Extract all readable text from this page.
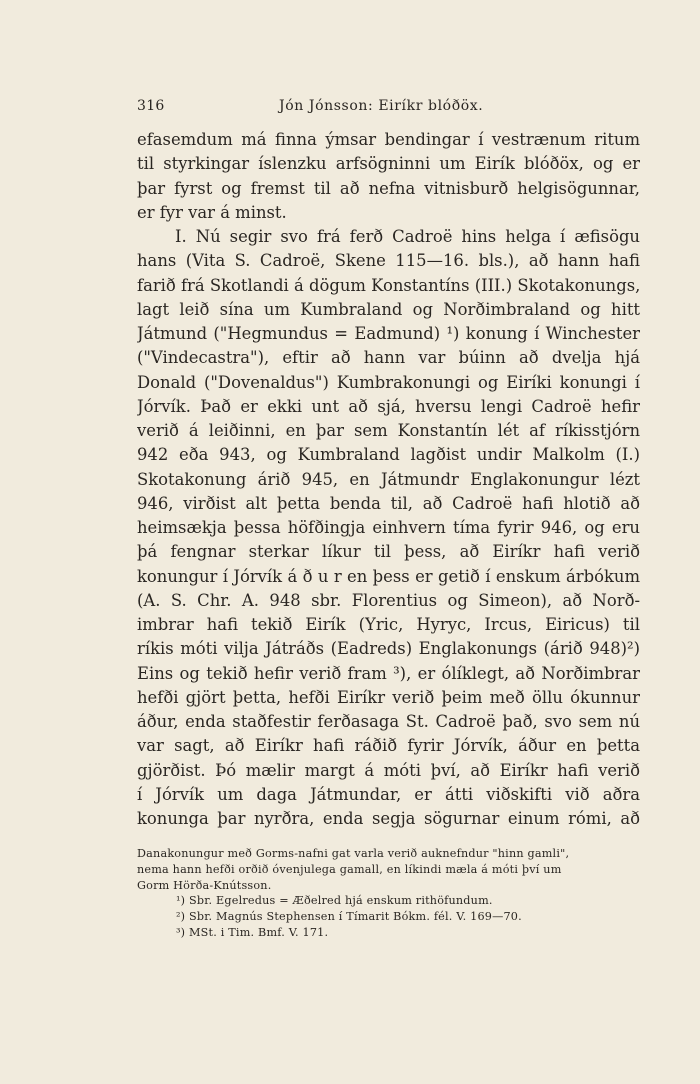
316	Jón Jónsson: Eiríkr blóðöx.
efasemdum má finna ýmsar bendingar í vestrænum ritum
til styrkingar íslenzku arfsögninni um Eirík blóðöx, og er
þar fyrst og fremst til að nefna vitnisburð helgisögunnar,
er fyr var á minst.
I. Nú segir svo frá ferð Cadroë hins helga í æfisögu
hans (Vita S. Cadroë, Skene 115—16. bls.), að hann hafi
farið frá Skotlandi á dögum Konstantíns (III.) Skotakonungs,
lagt leið sína um Kumbraland og Norðimbraland og hitt
Játmund ("Hegmundus = Eadmund) ¹) konung í Winchester
("Vindecastra"), eftir að hann var búinn að dvelja hjá
Donald ("Dovenaldus") Kumbrakonungi og Eiríki konungi í
Jórvík. Það er ekki unt að sjá, hversu lengi Cadroë hefir
verið á leiðinni, en þar sem Konstantín lét af ríkisstjórn
942 eða 943, og Kumbraland lagðist undir Malkolm (I.)
Skotakonung árið 945, en Játmundr Englakonungur lézt
946, virðist alt þetta benda til, að Cadroë hafi hlotið að
heimsækja þessa höfðingja einhvern tíma fyrir 946, og eru
þá fengnar sterkar líkur til þess, að Eiríkr hafi verið
konungur í Jórvík á ð u r en þess er getið í enskum árbókum
(A. S. Chr. A. 948 sbr. Florentius og Simeon), að Norð-
imbrar hafi tekið Eirík (Yric, Hyryc, Ircus, Eiricus) til
ríkis móti vilja Játráðs (Eadreds) Englakonungs (árið 948)²)
Eins og tekið hefir verið fram ³), er ólíklegt, að Norðimbrar
hefði gjört þetta, hefði Eiríkr verið þeim með öllu ókunnur
áður, enda staðfestir ferðasaga St. Cadroë það, svo sem nú
var sagt, að Eiríkr hafi ráðið fyrir Jórvík, áður en þetta
gjörðist. Þó mælir margt á móti því, að Eiríkr hafi verið
í Jórvík um daga Játmundar, er átti viðskifti við aðra
konunga þar nyrðra, enda segja sögurnar einum rómi, að
Danakonungur með Gorms-nafni gat varla verið auknefndur "hinn gamli",
nema hann hefði orðið óvenjulega gamall, en líkindi mæla á móti því um
Gorm Hörða-Knútsson.
¹) Sbr. Egelredus = Æðelred hjá enskum rithöfundum.
²) Sbr. Magnús Stephensen í Tímarit Bókm. fél. V. 169—70.
³) MSt. i Tim. Bmf. V. 171.
